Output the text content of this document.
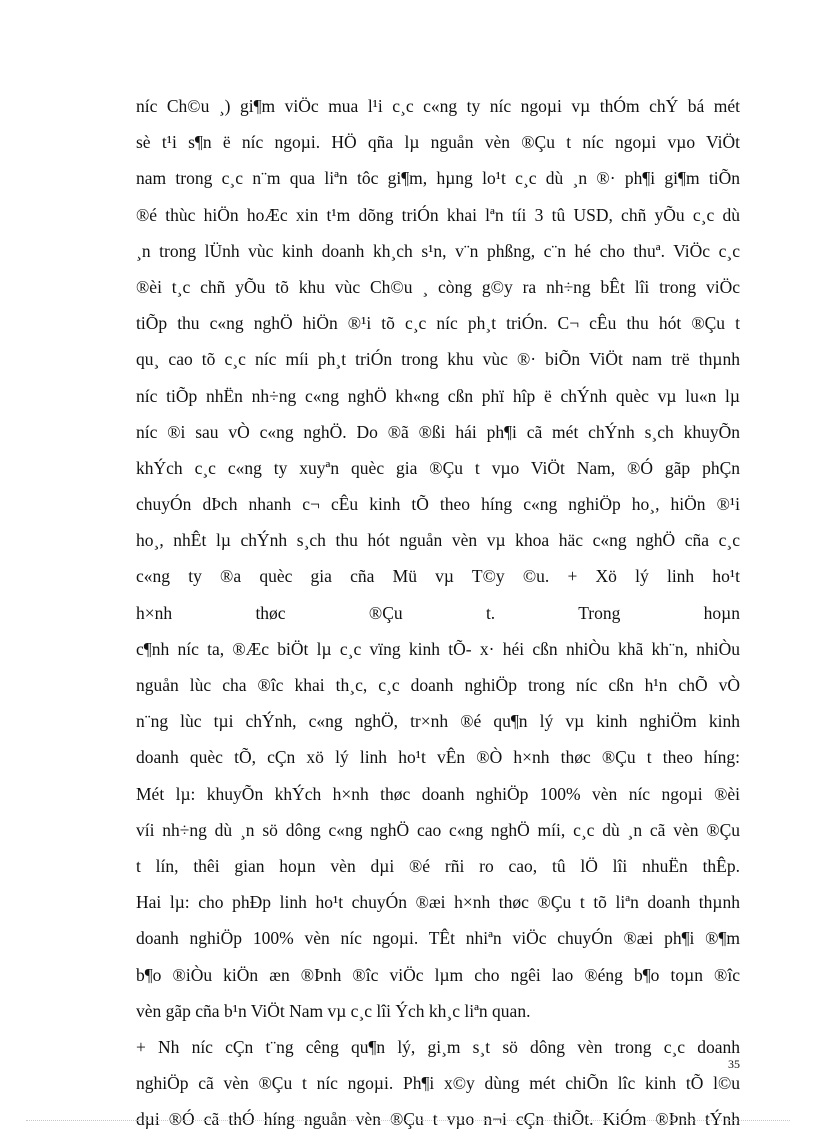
níc Ch©u ¸) gi¶m viÖc mua l¹i c¸c c«ng ty níc ngoµi vµ thÓm chÝ bá mét
sè t¹i s¶n ë níc ngoµi. HÖ qña lµ nguån vèn ®Çu t níc ngoµi vµo ViÖt
nam trong c¸c n¨m qua liªn tôc gi¶m, hµng lo¹t c¸c dù ¸n ®· ph¶i gi¶m tiÕn
®é thùc hiÖn hoÆc xin t¹m dõng triÓn khai lªn tíi 3 tû USD, chñ yÕu c¸c dù
¸n trong lÜnh vùc kinh doanh kh¸ch s¹n, v¨n phßng, c¨n hé cho thuª. ViÖc c¸c
®èi t¸c chñ yÕu tõ khu vùc Ch©u ¸ còng g©y ra nh÷ng bÊt lîi trong viÖc
tiÕp thu c«ng nghÖ hiÖn ®¹i tõ c¸c níc ph¸t triÓn. C¬ cÊu thu hót ®Çu t
qu¸ cao tõ c¸c níc míi ph¸t triÓn trong khu vùc ®· biÕn ViÖt nam trë thµnh
níc tiÕp nhËn nh÷ng c«ng nghÖ kh«ng cßn phï hîp ë chÝnh quèc vµ lu«n lµ
níc ®i sau vÒ c«ng nghÖ. Do ®ã ®ßi hái ph¶i cã mét chÝnh s¸ch khuyÕn
khÝch c¸c c«ng ty xuyªn quèc gia ®Çu t vµo ViÖt Nam, ®Ó gãp phÇn
chuyÓn dÞch nhanh c¬ cÊu kinh tÕ theo híng c«ng nghiÖp ho¸, hiÖn ®¹i
ho¸, nhÊt lµ chÝnh s¸ch thu hót nguån vèn vµ khoa häc c«ng nghÖ cña c¸c
c«ng ty ®a quèc gia cña Mü vµ T©y ©u. + Xö lý linh ho¹t
h×nh thøc ®Çu t. Trong hoµn
c¶nh níc ta, ®Æc biÖt lµ c¸c vïng kinh tÕ- x· héi cßn nhiÒu khã kh¨n, nhiÒu
nguån lùc cha ®îc khai th¸c, c¸c doanh nghiÖp trong níc cßn h¹n chÕ vÒ
n¨ng lùc tµi chÝnh, c«ng nghÖ, tr×nh ®é qu¶n lý vµ kinh nghiÖm kinh
doanh quèc tÕ, cÇn xö lý linh ho¹t vÊn ®Ò h×nh thøc ®Çu t theo híng:
Mét lµ: khuyÕn khÝch h×nh thøc doanh nghiÖp 100% vèn níc ngoµi ®èi
víi nh÷ng dù ¸n sö dông c«ng nghÖ cao c«ng nghÖ míi, c¸c dù ¸n cã vèn ®Çu
t lín, thêi gian hoµn vèn dµi ®é rñi ro cao, tû lÖ lîi nhuËn thÊp.
Hai lµ: cho phÐp linh ho¹t chuyÓn ®æi h×nh thøc ®Çu t tõ liªn doanh thµnh
doanh nghiÖp 100% vèn níc ngoµi. TÊt nhiªn viÖc chuyÓn ®æi ph¶i ®¶m
b¶o ®iÒu kiÖn æn ®Þnh ®îc viÖc lµm cho ngêi lao ®éng b¶o toµn ®îc
vèn gãp cña b¹n ViÖt Nam vµ c¸c lîi Ých kh¸c liªn quan.
+ Nh níc cÇn t¨ng cêng qu¶n lý, gi¸m s¸t sö dông vèn trong c¸c doanh
nghiÖp cã vèn ®Çu t níc ngoµi. Ph¶i x©y dùng mét chiÕn lîc kinh tÕ l©u
dµi ®Ó cã thÓ híng nguån vèn ®Çu t vµo n¬i cÇn thiÕt. KiÓm ®Þnh tÝnh
35
